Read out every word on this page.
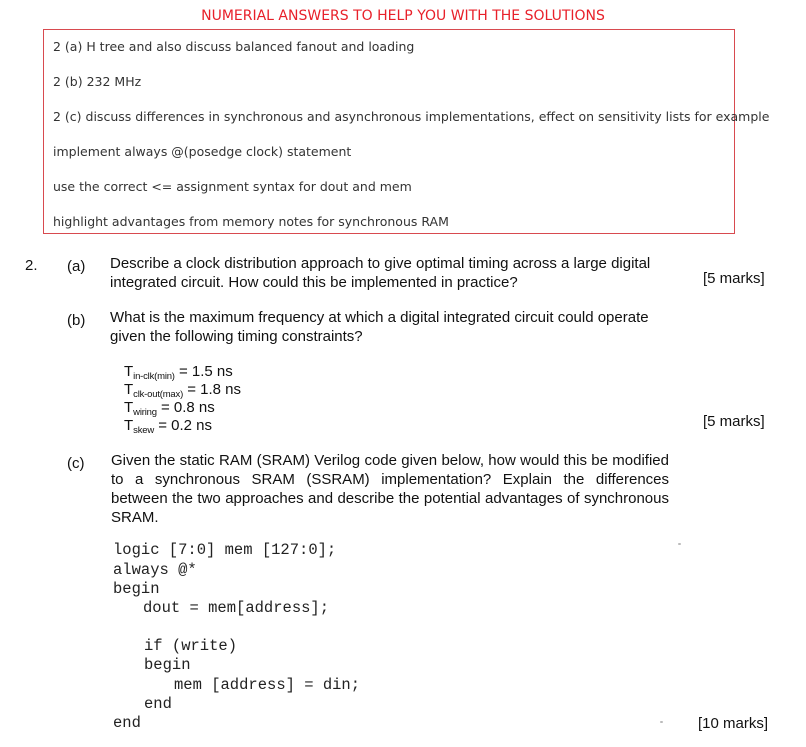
NUMERIAL ANSWERS TO HELP YOU WITH THE SOLUTIONS
2 (a) H tree and also discuss balanced fanout and loading
2 (b) 232 MHz
2 (c) discuss differences in synchronous and asynchronous implementations, effect on sensitivity lists for example
implement always @(posedge clock) statement
use the correct <= assignment syntax for dout and mem
highlight advantages from memory notes for synchronous RAM
2. (a) Describe a clock distribution approach to give optimal timing across a large digital integrated circuit. How could this be implemented in practice?	[5 marks]
(b) What is the maximum frequency at which a digital integrated circuit could operate given the following timing constraints?
$T_{in-clk(min)} = 1.5$ ns
$T_{clk-out(max)} = 1.8$ ns
$T_{wiring} = 0.8$ ns
$T_{skew} = 0.2$ ns	[5 marks]
(c) Given the static RAM (SRAM) Verilog code given below, how would this be modified to a synchronous SRAM (SSRAM) implementation? Explain the differences between the two approaches and describe the potential advantages of synchronous SRAM.
logic [7:0] mem [127:0];
always @*
begin
dout = mem[address];
if (write)
begin
mem [address] = din;
end
end	[10 marks]
